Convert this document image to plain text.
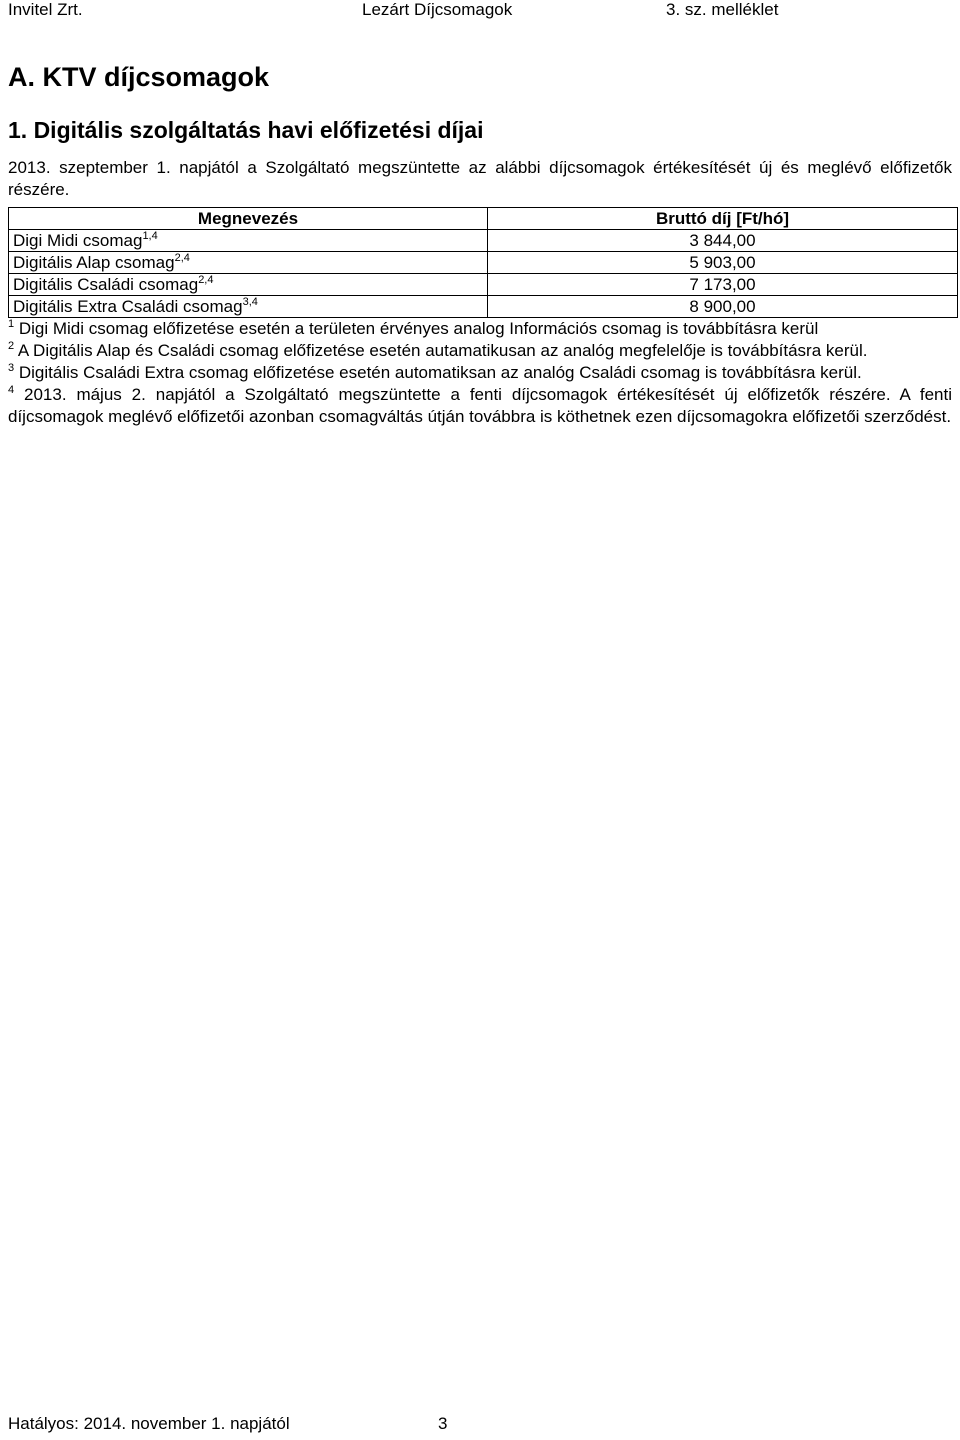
Invitel Zrt.	Lezárt Díjcsomagok	3. sz. melléklet
A. KTV díjcsomagok
1. Digitális szolgáltatás havi előfizetési díjai
2013. szeptember 1. napjától a Szolgáltató megszüntette az alábbi díjcsomagok értékesítését új és meglévő előfizetők részére.
Megnevezés	Bruttó díj [Ft/hó]
Digi Midi csomag$^{1,4}$	3 844,00
Digitális Alap csomag$^{2,4}$	5 903,00
Digitális Családi csomag$^{2,4}$	7 173,00
Digitális Extra Családi csomag$^{3,4}$	8 900,00

$^1$ Digi Midi csomag előfizetése esetén a területen érvényes analog Információs csomag is továbbításra kerül

$^2$ A Digitális Alap és Családi csomag előfizetése esetén autamatikusan az analóg megfelelője is továbbításra kerül.

$^3$ Digitális Családi Extra csomag előfizetése esetén automatiksan az analóg Családi csomag is továbbításra kerül.

$^4$ 2013. május 2. napjától a Szolgáltató megszüntette a fenti díjcsomagok értékesítését új előfizetők részére. A fenti díjcsomagok meglévő előfizetői azonban csomagváltás útján továbbra is köthetnek ezen díjcsomagokra előfizetői szerződést.

Hatályos: 2014. november 1. napjától	3
